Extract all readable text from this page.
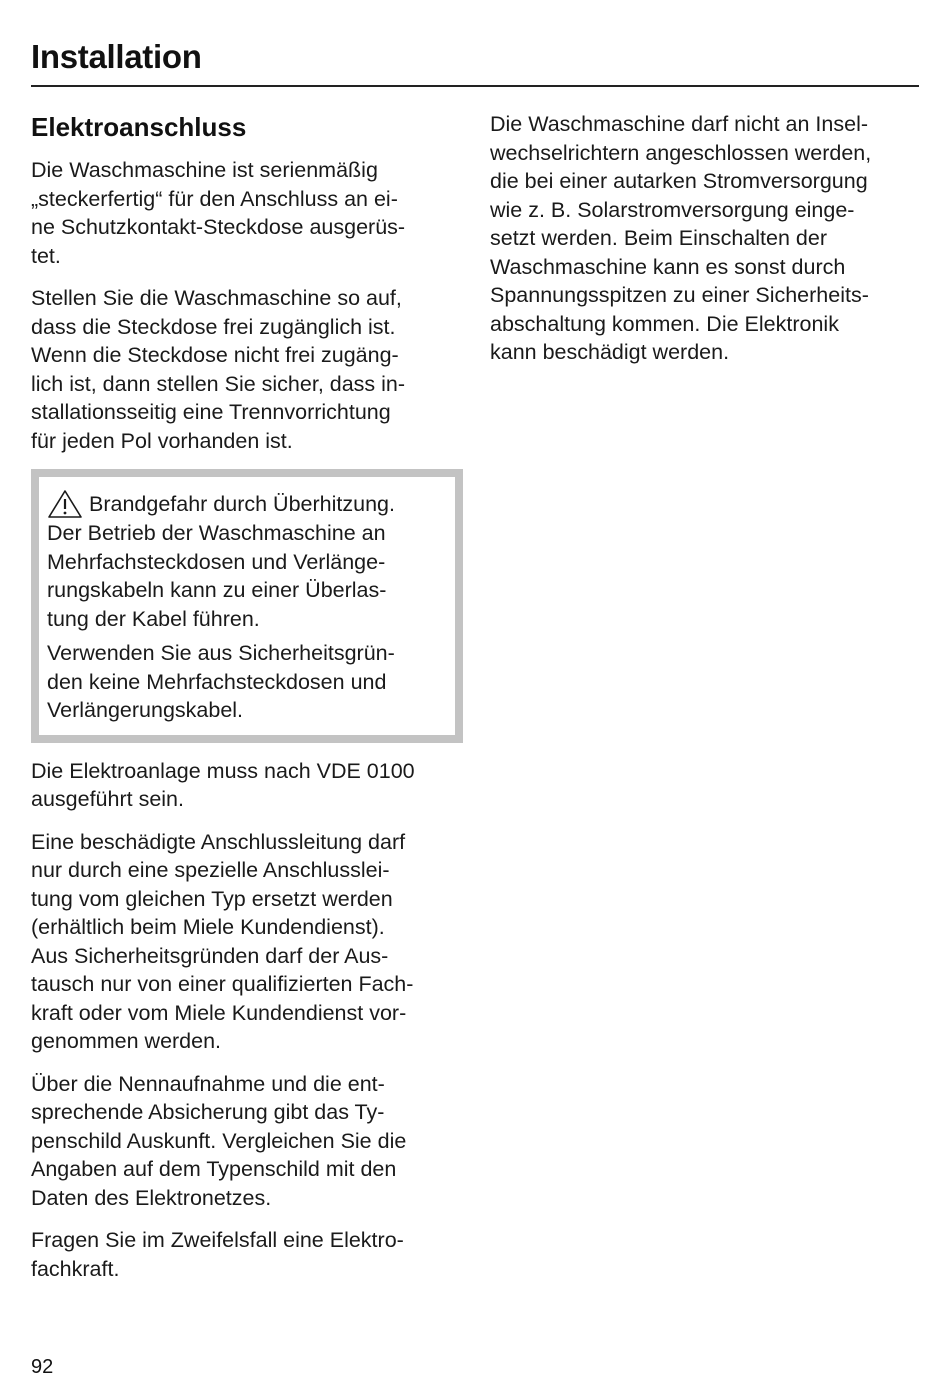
Installation
Elektroanschluss

Die Waschmaschine ist serienmäßig
„steckerfertig“ für den Anschluss an ei-
ne Schutzkontakt-Steckdose ausgerüs-
tet.

Stellen Sie die Waschmaschine so auf,
dass die Steckdose frei zugänglich ist.
Wenn die Steckdose nicht frei zugäng-
lich ist, dann stellen Sie sicher, dass in-
stallationsseitig eine Trennvorrichtung
für jeden Pol vorhanden ist.

Brandgefahr durch Überhitzung.

Der Betrieb der Waschmaschine an
Mehrfachsteckdosen und Verlänge-
rungskabeln kann zu einer Überlas-
tung der Kabel führen.

Verwenden Sie aus Sicherheitsgrün-
den keine Mehrfachsteckdosen und
Verlängerungskabel.

Die Elektroanlage muss nach VDE 0100
ausgeführt sein.

Eine beschädigte Anschlussleitung darf
nur durch eine spezielle Anschlusslei-
tung vom gleichen Typ ersetzt werden
(erhältlich beim Miele Kundendienst).
Aus Sicherheitsgründen darf der Aus-
tausch nur von einer qualifizierten Fach-
kraft oder vom Miele Kundendienst vor-
genommen werden.

Über die Nennaufnahme und die ent-
sprechende Absicherung gibt das Ty-
penschild Auskunft. Vergleichen Sie die
Angaben auf dem Typenschild mit den
Daten des Elektronetzes.

Fragen Sie im Zweifelsfall eine Elektro-
fachkraft.

Die Waschmaschine darf nicht an Insel-
wechselrichtern angeschlossen werden,
die bei einer autarken Stromversorgung
wie z. B. Solarstromversorgung einge-
setzt werden. Beim Einschalten der
Waschmaschine kann es sonst durch
Spannungsspitzen zu einer Sicherheits-
abschaltung kommen. Die Elektronik
kann beschädigt werden.

92
